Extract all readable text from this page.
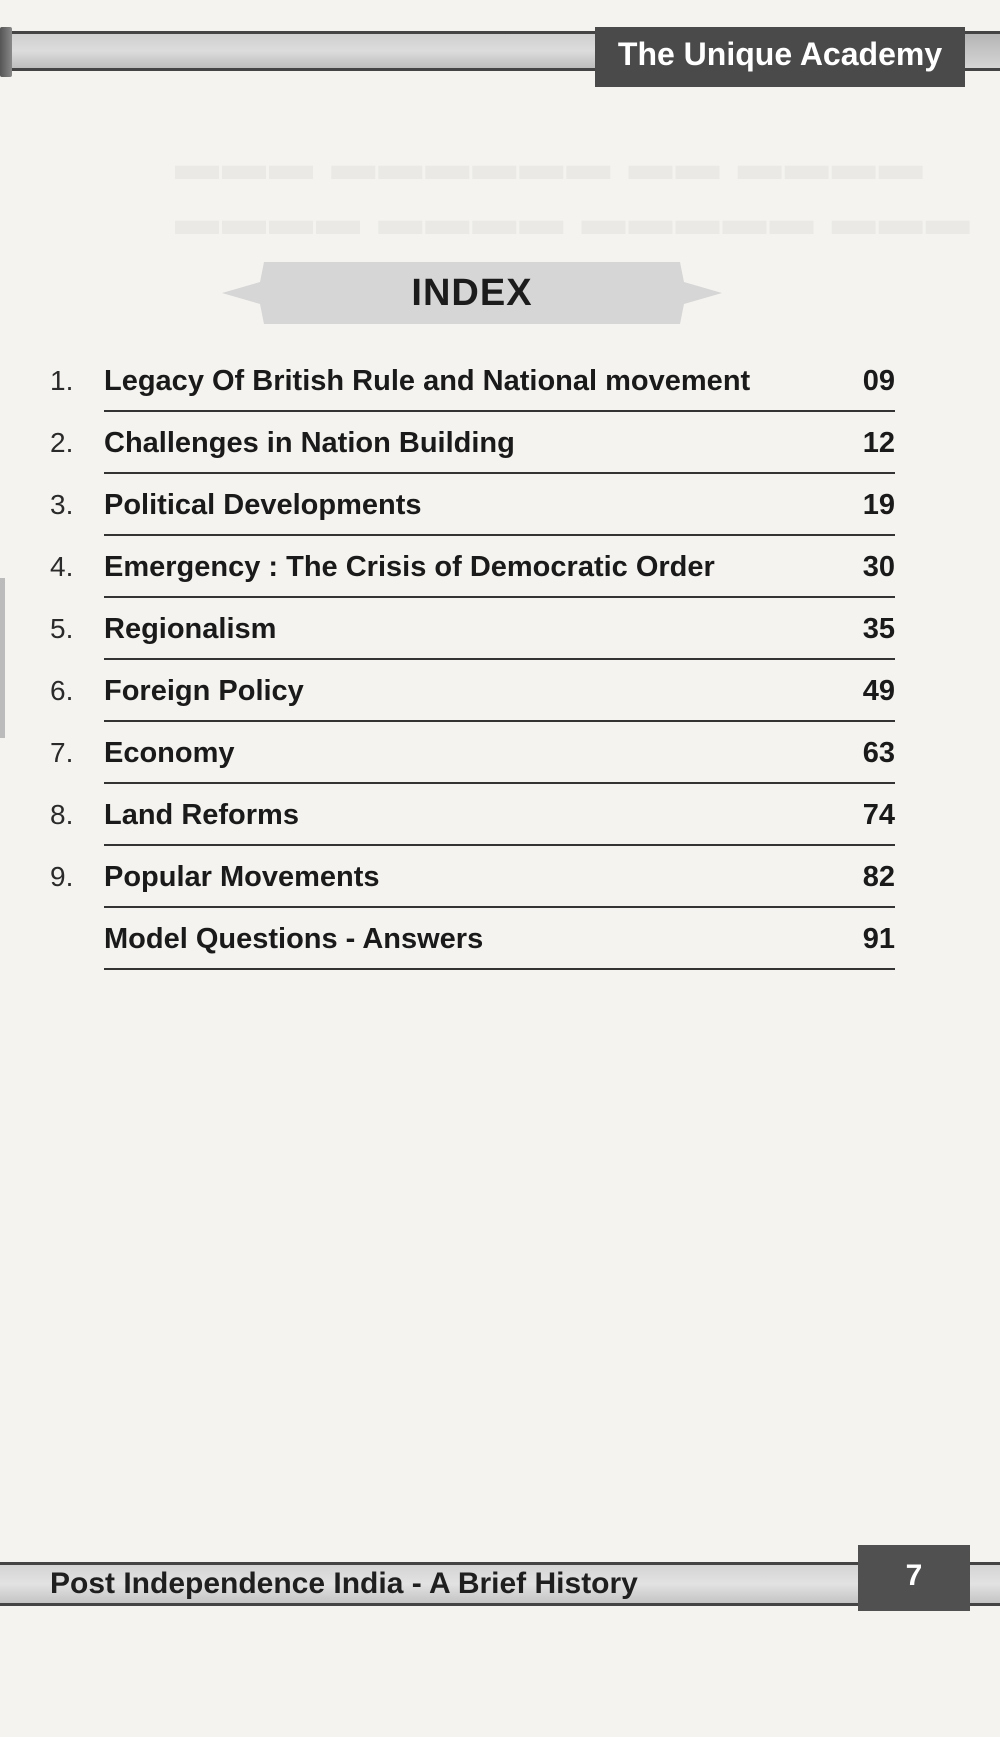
The Unique Academy
▬▬▬ ▬▬▬▬▬▬ ▬▬ ▬▬▬▬
▬▬▬▬ ▬▬▬▬ ▬▬▬▬▬ ▬▬▬
INDEX
1.	Legacy Of British Rule and National movement	09
2.	Challenges in Nation Building	12
3.	Political Developments	19
4.	Emergency : The Crisis of Democratic Order	30
5.	Regionalism	35
6.	Foreign Policy	49
7.	Economy	63
8.	Land Reforms	74
9.	Popular Movements	82
Model Questions - Answers	91
Post Independence India - A Brief History	7
